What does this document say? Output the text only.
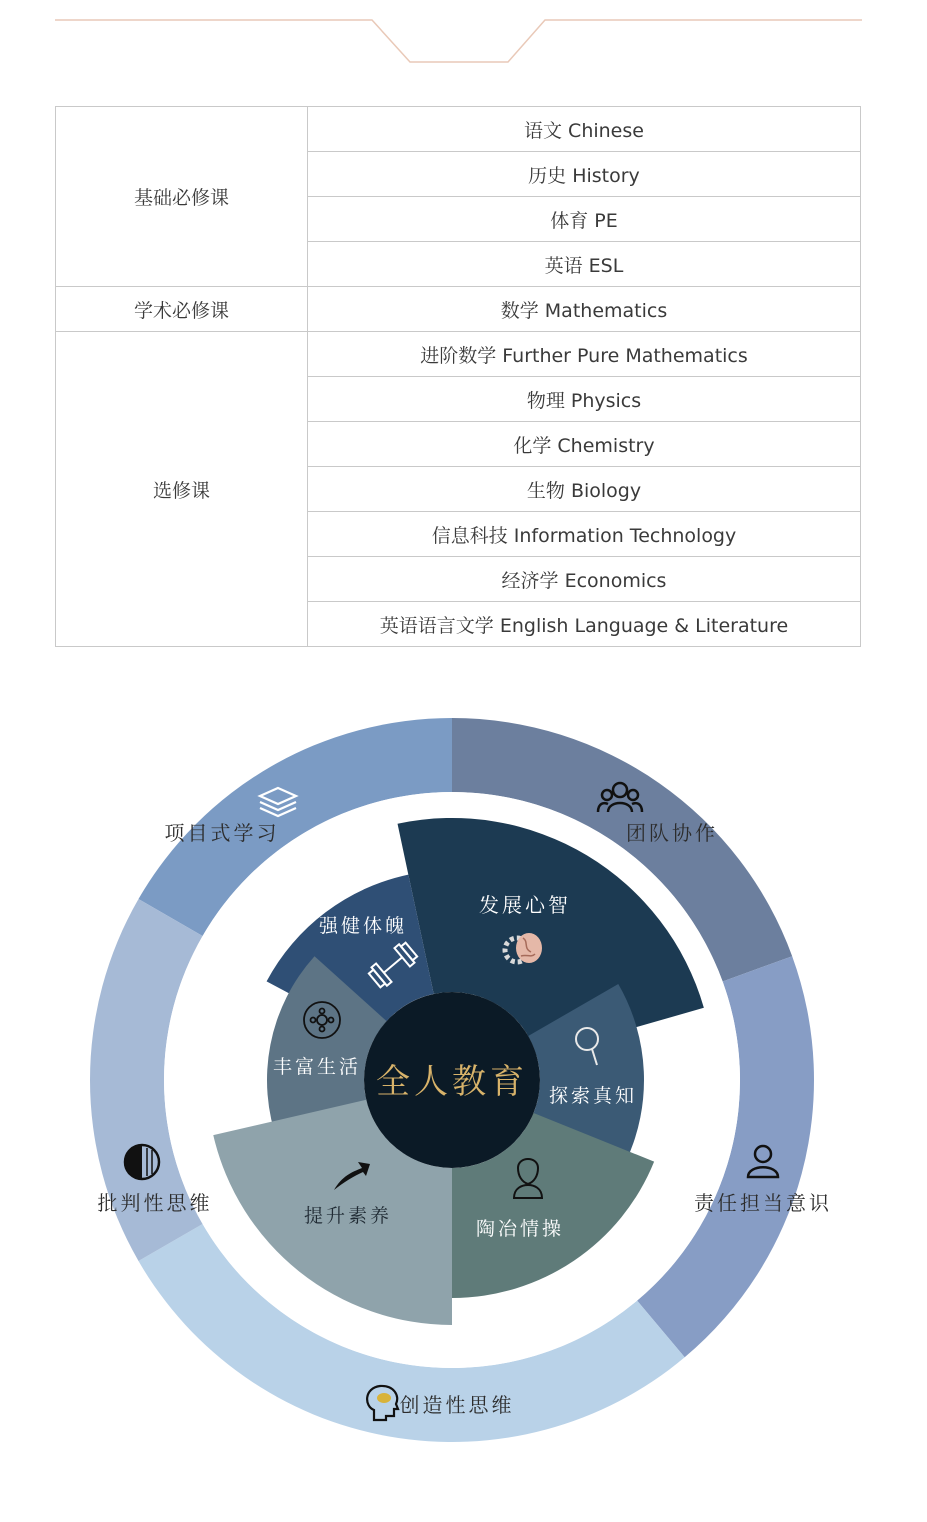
基础必修课	语文 Chinese
	历史 History
	体育 PE
	英语 ESL
学术必修课	数学 Mathematics
选修课	进阶数学 Further Pure Mathematics
	物理 Physics
	化学 Chemistry
	生物 Biology
	信息科技 Information Technology
	经济学 Economics
	英语语言文学 English Language & Literature
全人教育
项目式学习	团队协作
责任担当意识
创造性思维
批判性思维
发展心智
强健体魄
丰富生活
探索真知
提升素养
陶冶情操
